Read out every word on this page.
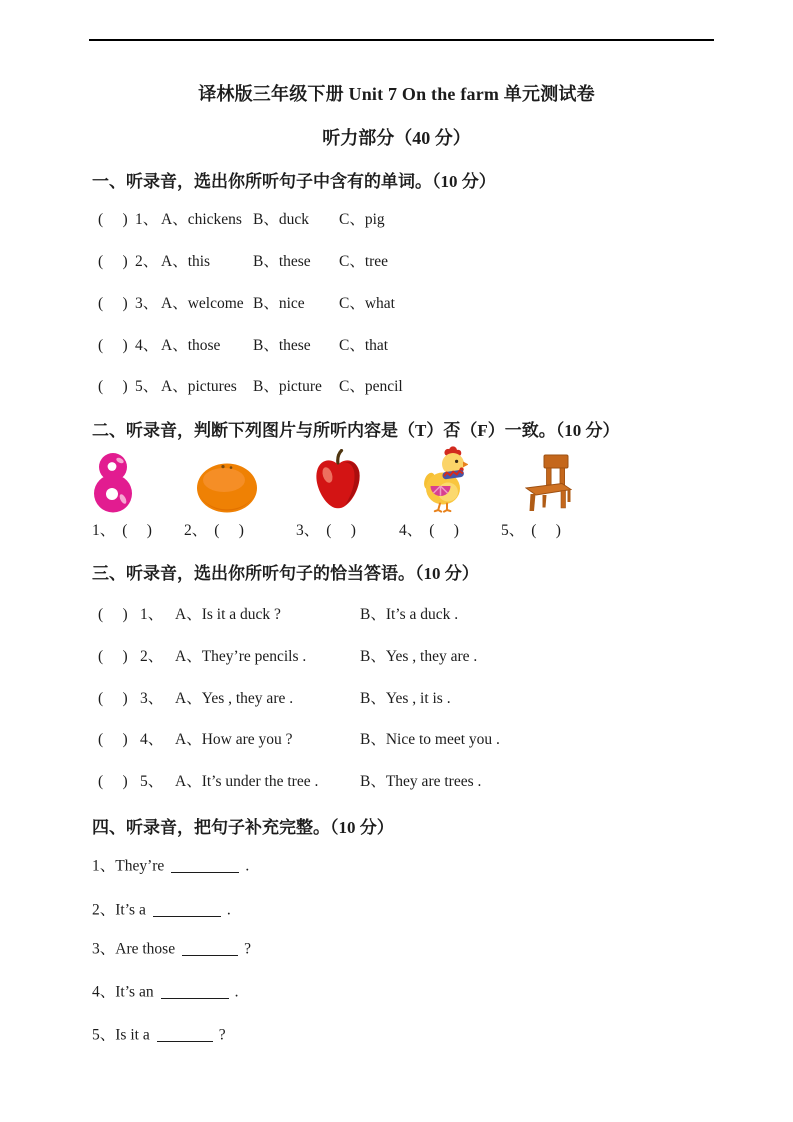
译林版三年级下册 Unit 7 On the farm 单元测试卷
听力部分（40 分）
一、听录音，选出你所听句子中含有的单词。（10 分）
(     ) 1、 A、chickens B、duck	C、pig
(     ) 2、 A、this	B、these	C、tree
(     ) 3、 A、welcome B、nice	C、what
(     ) 4、 A、those	B、these	C、that
(     ) 5、 A、pictures	B、picture	C、pencil
二、听录音，判断下列图片与所听内容是（T）否（F）一致。（10 分）
1、 (     ) 2、 (     )	3、 (     )	4、 (     )	5、 (     )
三、听录音，选出你所听句子的恰当答语。（10 分）
(     ) 1、 A、Is it a duck ?	B、It’s a duck .
(     ) 2、 A、They’re pencils .	B、Yes , they are .
(     ) 3、 A、Yes , they are .	B、Yes , it is .
(     ) 4、 A、How are you ?	B、Nice to meet you .
(     ) 5、 A、It’s under the tree .	B、They are trees .
四、听录音，把句子补充完整。（10 分）
1、They’re	.
2、It’s a	.
3、Are those	?
4、It’s an	.
5、Is it a	?
